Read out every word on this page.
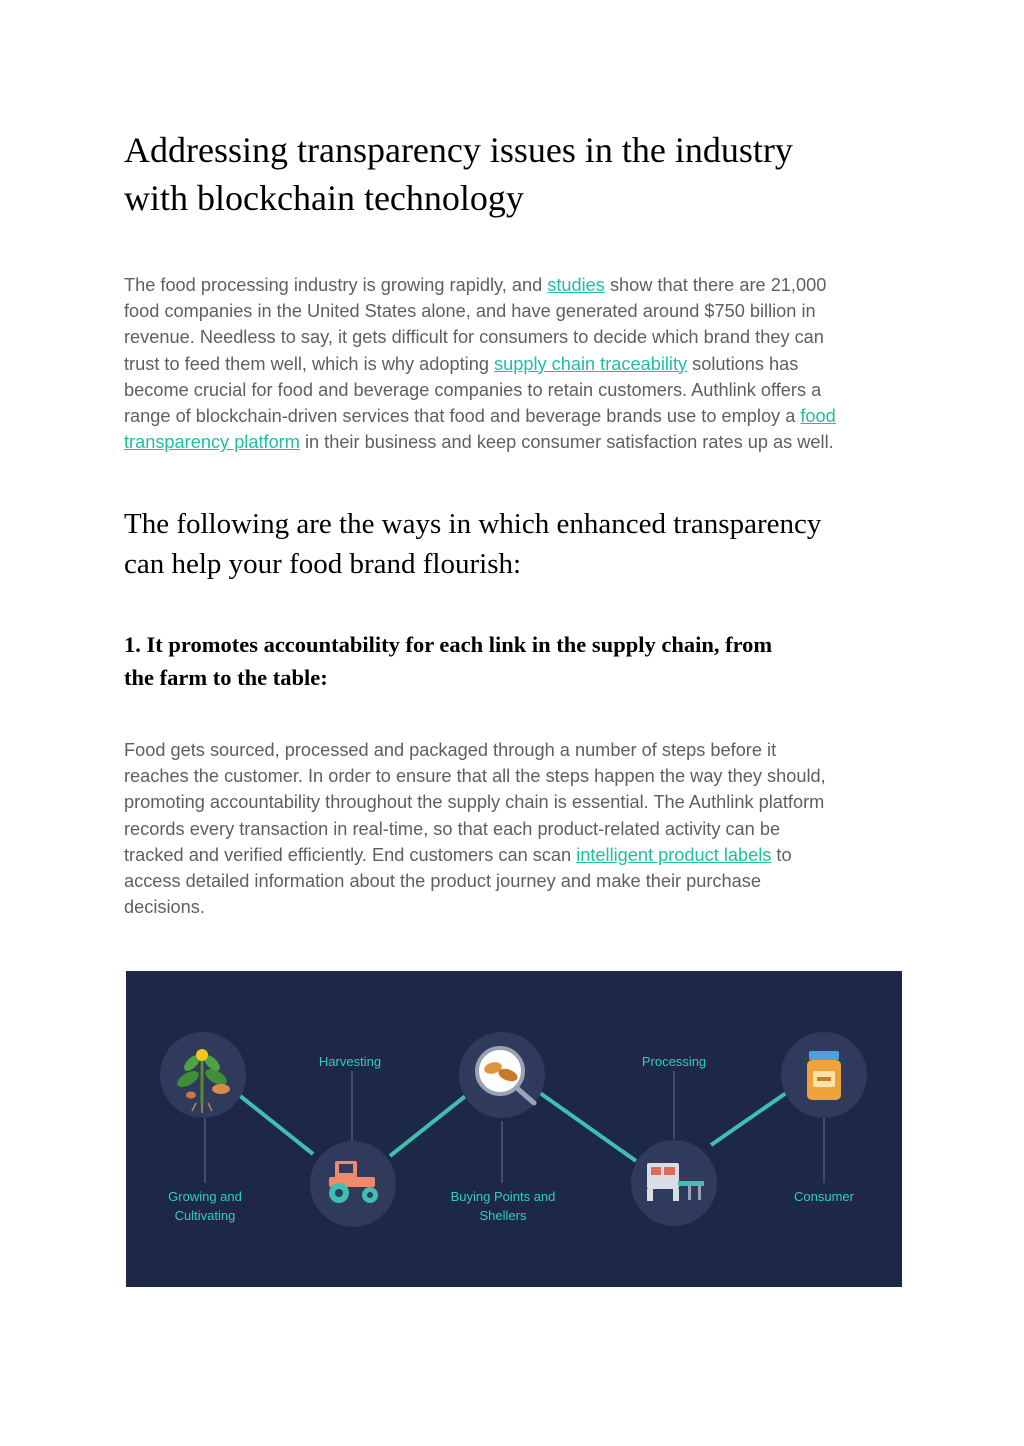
Addressing transparency issues in the industry
with blockchain technology

The food processing industry is growing rapidly, and studies show that there are 21,000
food companies in the United States alone, and have generated around $750 billion in
revenue. Needless to say, it gets difficult for consumers to decide which brand they can
trust to feed them well, which is why adopting supply chain traceability solutions has
become crucial for food and beverage companies to retain customers. Authlink offers a
range of blockchain-driven services that food and beverage brands use to employ a food
transparency platform in their business and keep consumer satisfaction rates up as well.

The following are the ways in which enhanced transparency
can help your food brand flourish:
1. It promotes accountability for each link in the supply chain, from
the farm to the table:

Food gets sourced, processed and packaged through a number of steps before it
reaches the customer. In order to ensure that all the steps happen the way they should,
promoting accountability throughout the supply chain is essential. The Authlink platform
records every transaction in real-time, so that each product-related activity can be
tracked and verified efficiently. End customers can scan intelligent product labels to
access detailed information about the product journey and make their purchase
decisions.

Harvesting	Processing
Growing and
Cultivating
Buying Points and
Shellers
Consumer
